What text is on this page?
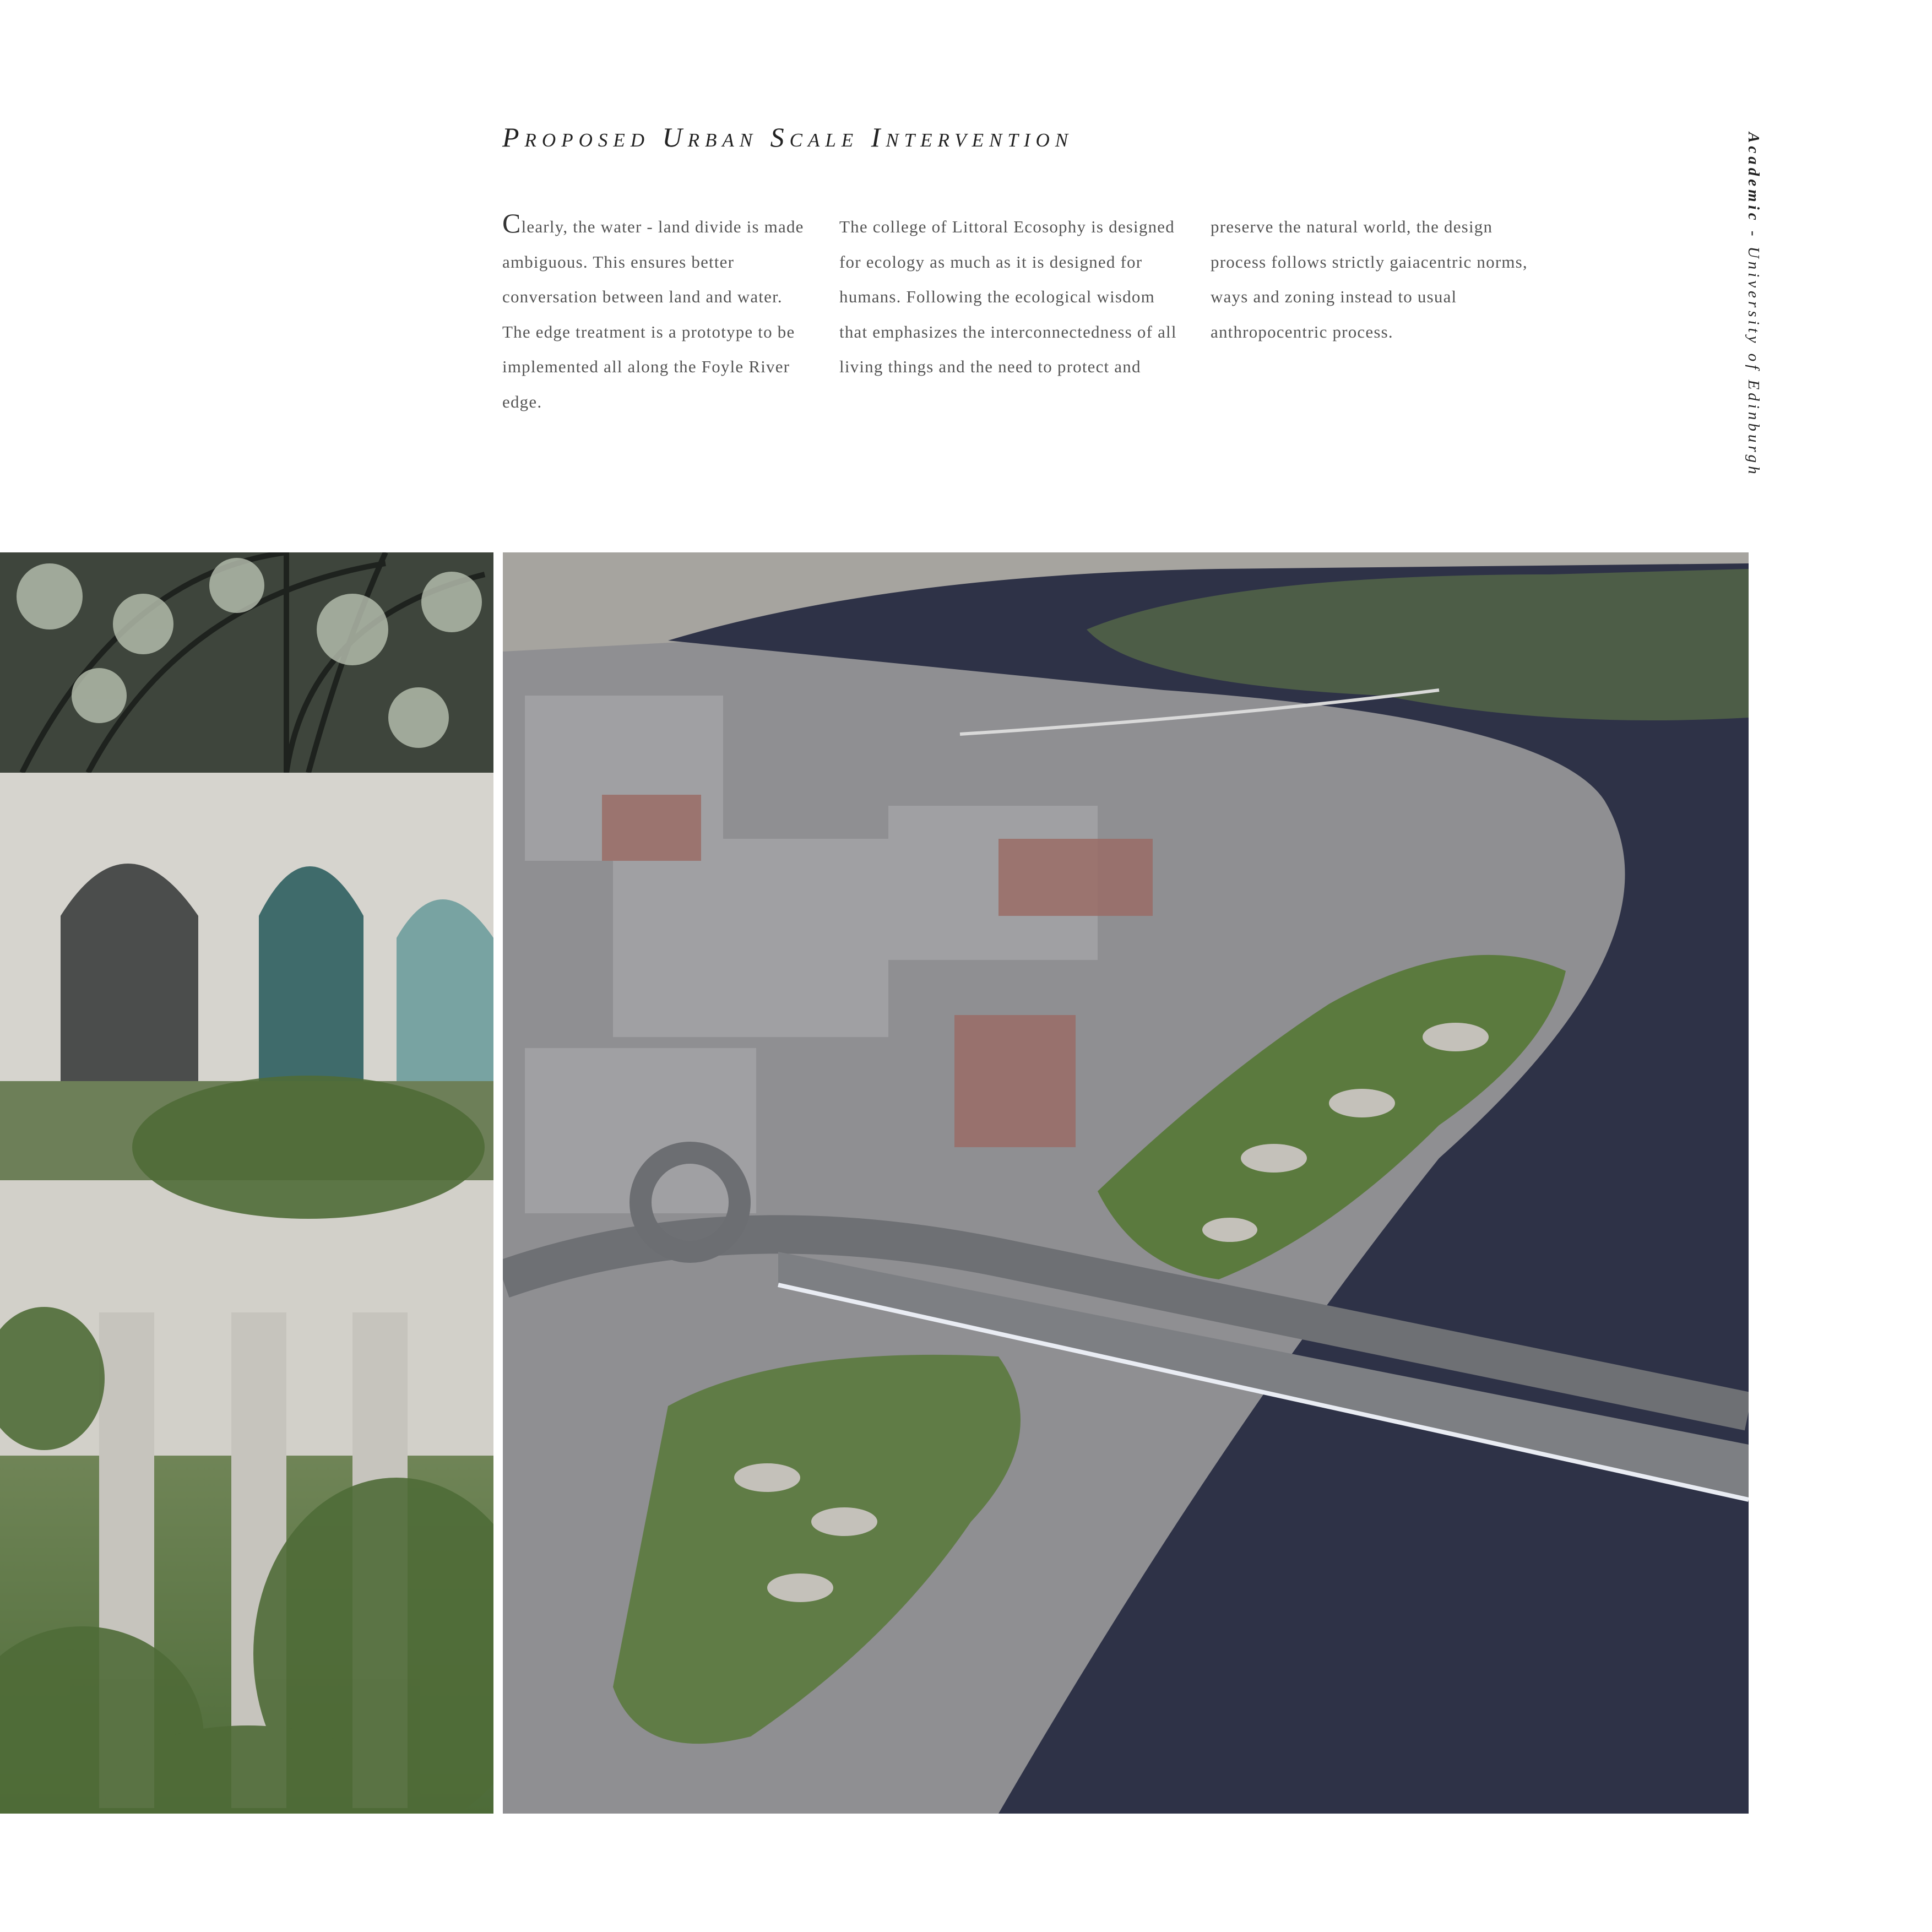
Proposed Urban Scale Intervention

Clearly, the water - land divide is made ambiguous. This ensures better conversation between land and water. The edge treatment is a prototype to be implemented all along the Foyle River edge.

The college of Littoral Ecosophy is designed for ecology as much as it is designed for humans. Following the ecological wisdom that emphasizes the interconnectedness of all living things and the need to protect and

preserve the natural world, the design process follows strictly gaiacentric norms, ways and zoning instead to usual anthropocentric process.

Academic - University of Edinburgh
